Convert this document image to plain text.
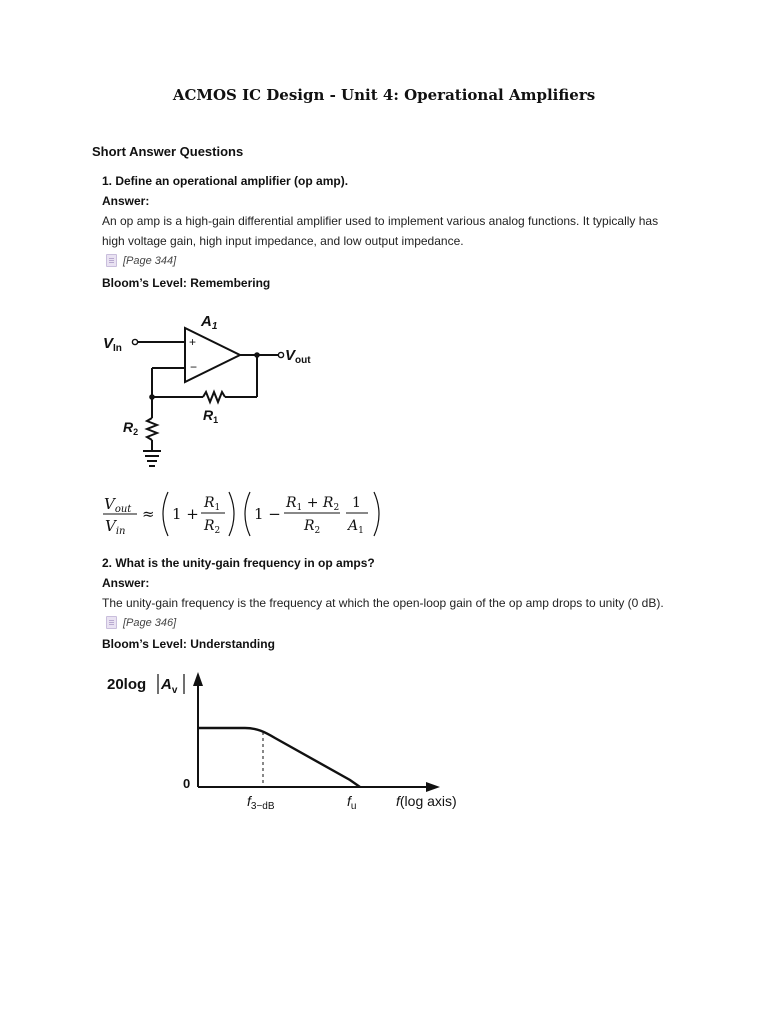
ACMOS IC Design - Unit 4: Operational Amplifiers
Short Answer Questions
1. Define an operational amplifier (op amp).
Answer:
An op amp is a high-gain differential amplifier used to implement various analog functions. It typically has
high voltage gain, high input impedance, and low output impedance.
[Page 344]
Bloom’s Level: Remembering
+
−
$A_1$
$V_{In}$	$V_{out}$
$R_1$
$R_2$
$V_{out}$
$V_{in}$
≈ 1 +
$R_1$
$R_2$
1 −
$R_1 + R_2$
$R_2$
1
$A_1$
2. What is the unity-gain frequency in op amps?
Answer:
The unity-gain frequency is the frequency at which the open-loop gain of the op amp drops to unity (0 dB).
[Page 346]
Bloom’s Level: Understanding
20log $A_v$
0
$f_{3-dB}$	$f_u$	f(log axis)
